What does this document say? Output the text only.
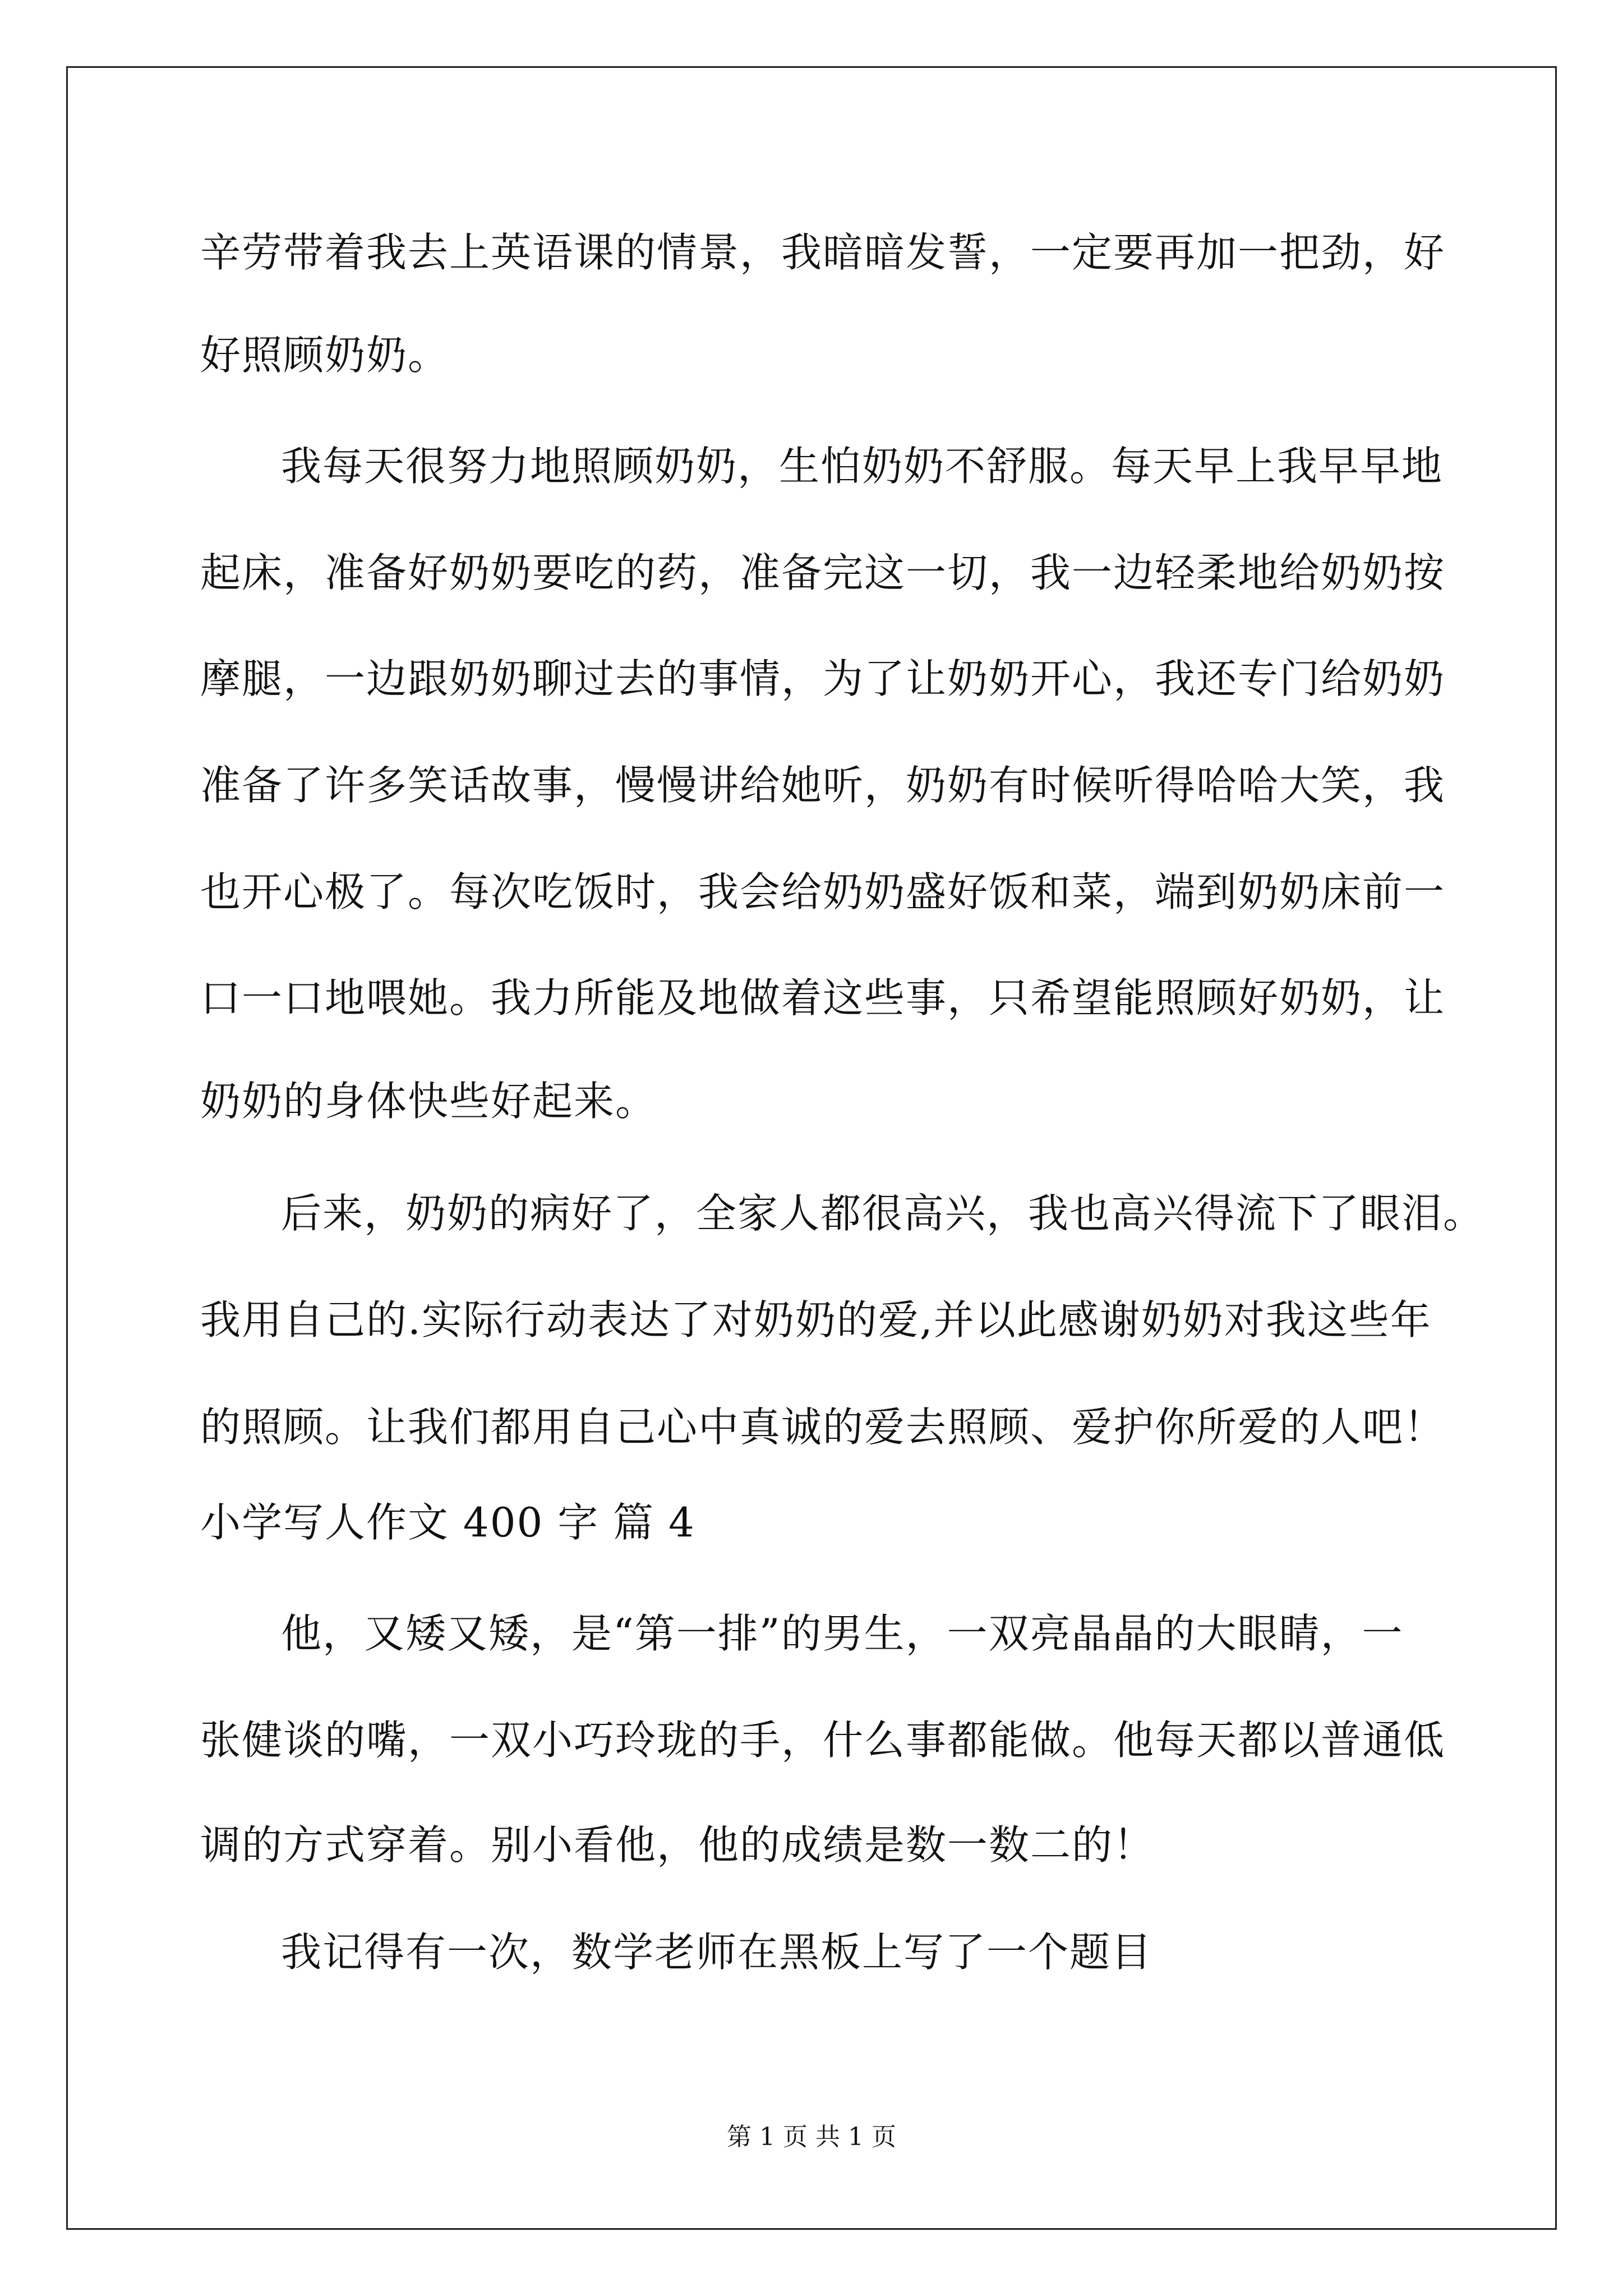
辛劳带着我去上英语课的情景，我暗暗发誓，一定要再加一把劲，好
好照顾奶奶。
我每天很努力地照顾奶奶，生怕奶奶不舒服。每天早上我早早地
起床，准备好奶奶要吃的药，准备完这一切，我一边轻柔地给奶奶按
摩腿，一边跟奶奶聊过去的事情，为了让奶奶开心，我还专门给奶奶
准备了许多笑话故事，慢慢讲给她听，奶奶有时候听得哈哈大笑，我
也开心极了。每次吃饭时，我会给奶奶盛好饭和菜，端到奶奶床前一
口一口地喂她。我力所能及地做着这些事，只希望能照顾好奶奶，让
奶奶的身体快些好起来。
后来，奶奶的病好了，全家人都很高兴，我也高兴得流下了眼泪。
我用自己的.实际行动表达了对奶奶的爱,并以此感谢奶奶对我这些年
的照顾。让我们都用自己心中真诚的爱去照顾、爱护你所爱的人吧！
小学写人作文 400 字 篇 4
他，又矮又矮，是“第一排”的男生，一双亮晶晶的大眼睛，一
张健谈的嘴，一双小巧玲珑的手，什么事都能做。他每天都以普通低
调的方式穿着。别小看他，他的成绩是数一数二的！
我记得有一次，数学老师在黑板上写了一个题目
第 1 页 共 1 页
